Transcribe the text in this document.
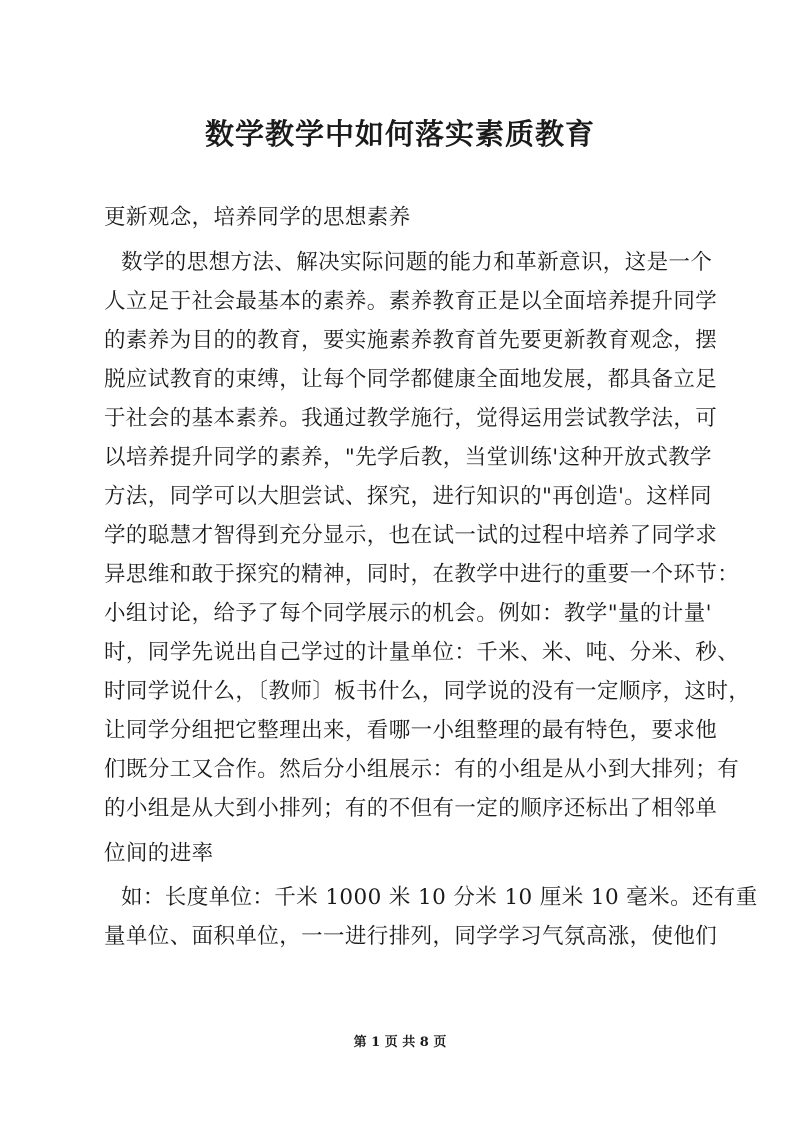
数学教学中如何落实素质教育
更新观念，培养同学的思想素养
数学的思想方法、解决实际问题的能力和革新意识，这是一个
人立足于社会最基本的素养。素养教育正是以全面培养提升同学
的素养为目的的教育，要实施素养教育首先要更新教育观念，摆
脱应试教育的束缚，让每个同学都健康全面地发展，都具备立足
于社会的基本素养。我通过教学施行，觉得运用尝试教学法，可
以培养提升同学的素养，"先学后教，当堂训练'这种开放式教学
方法，同学可以大胆尝试、探究，进行知识的"再创造'。这样同
学的聪慧才智得到充分显示，也在试一试的过程中培养了同学求
异思维和敢于探究的精神，同时，在教学中进行的重要一个环节：
小组讨论，给予了每个同学展示的机会。例如：教学"量的计量'
时，同学先说出自己学过的计量单位：千米、米、吨、分米、秒、
时同学说什么，〔教师〕板书什么，同学说的没有一定顺序，这时，
让同学分组把它整理出来，看哪一小组整理的最有特色，要求他
们既分工又合作。然后分小组展示：有的小组是从小到大排列；有
的小组是从大到小排列；有的不但有一定的顺序还标出了相邻单
位间的进率
如：长度单位：千米 1000 米 10 分米 10 厘米 10 毫米。还有重
量单位、面积单位，一一进行排列，同学学习气氛高涨，使他们
第 1 页 共 8 页
